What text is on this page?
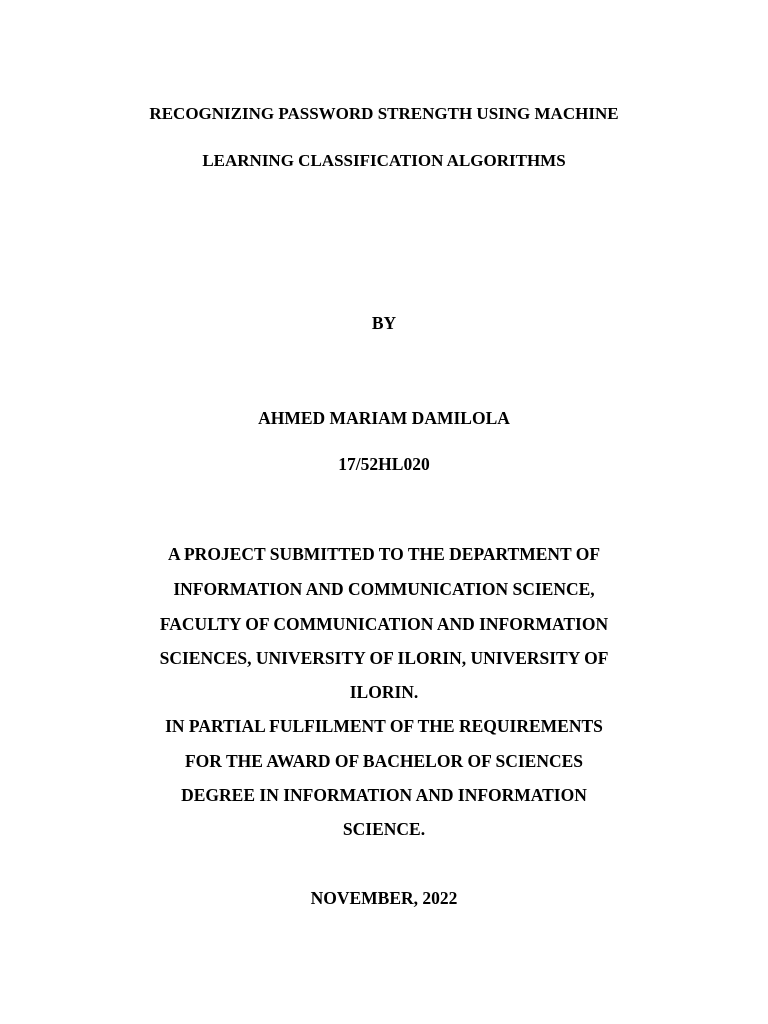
RECOGNIZING PASSWORD STRENGTH USING MACHINE
LEARNING CLASSIFICATION ALGORITHMS
BY
AHMED MARIAM DAMILOLA
17/52HL020
A PROJECT SUBMITTED TO THE DEPARTMENT OF
INFORMATION AND COMMUNICATION SCIENCE,
FACULTY OF COMMUNICATION AND INFORMATION
SCIENCES, UNIVERSITY OF ILORIN, UNIVERSITY OF
ILORIN.
IN PARTIAL FULFILMENT OF THE REQUIREMENTS
FOR THE AWARD OF BACHELOR OF SCIENCES
DEGREE IN INFORMATION AND INFORMATION
SCIENCE.
NOVEMBER, 2022
